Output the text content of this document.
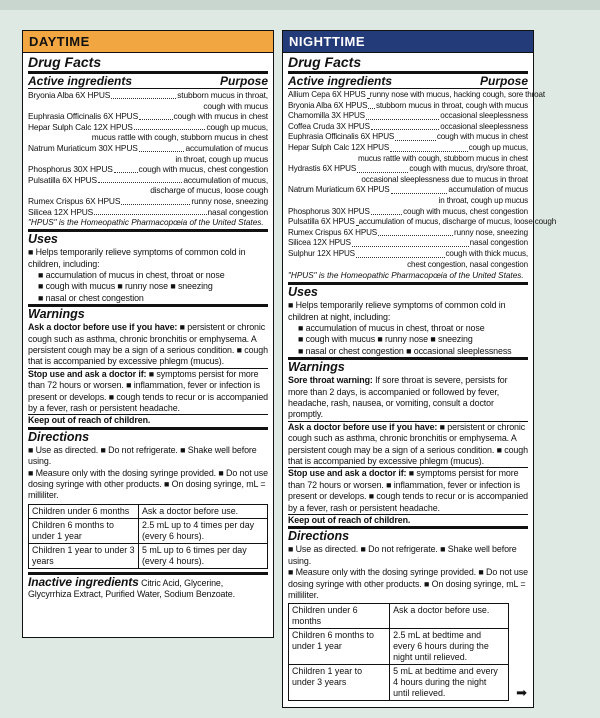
DAYTIME
Drug Facts
Active ingredients	Purpose
Bryonia Alba 6X HPUS	stubborn mucus in throat,
cough with mucus
Euphrasia Officinalis 6X HPUS	cough with mucus in chest
Hepar Sulph Calc 12X HPUS	cough up mucus,
mucus rattle with cough, stubborn mucus in chest
Natrum Muriaticum 30X HPUS	accumulation of mucus
in throat, cough up mucus
Phosphorus 30X HPUS	cough with mucus, chest congestion
Pulsatilla 6X HPUS	accumulation of mucus,
discharge of mucus, loose cough
Rumex Crispus 6X HPUS	runny nose, sneezing
Silicea 12X HPUS	nasal congestion
"HPUS" is the Homeopathic Pharmacopœia of the United States.
Uses

■ Helps temporarily relieve symptoms of common cold in children, including:

■ accumulation of mucus in chest, throat or nose

■ cough with mucus ■ runny nose ■ sneezing

■ nasal or chest congestion

Warnings

Ask a doctor before use if you have: ■ persistent or chronic cough such as asthma, chronic bronchitis or emphysema. A persistent cough may be a sign of a serious condition. ■ cough that is accompanied by excessive phlegm (mucus).

Stop use and ask a doctor if: ■ symptoms persist for more than 72 hours or worsen. ■ inflammation, fever or infection is present or develops. ■ cough tends to recur or is accompanied by a fever, rash or persistent headache.

Keep out of reach of children.

Directions

■ Use as directed. ■ Do not refrigerate. ■ Shake well before using.

■ Measure only with the dosing syringe provided. ■ Do not use dosing syringe with other products. ■ On dosing syringe, mL = milliliter.

Children under 6 months	Ask a doctor before use.
Children 6 months to under 1 year	2.5 mL up to 4 times per day (every 6 hours).
Children 1 year to under 3 years	5 mL up to 6 times per day (every 4 hours).

Inactive ingredients Citric Acid, Glycerine, Glycyrrhiza Extract, Purified Water, Sodium Benzoate.

NIGHTTIME
Drug Facts
Active ingredients	Purpose
Allium Cepa 6X HPUS runny nose with mucus, hacking cough, sore throat
Bryonia Alba 6X HPUS stubborn mucus in throat, cough with mucus
Chamomilla 3X HPUS	occasional sleeplessness
Coffea Cruda 3X HPUS	occasional sleeplessness
Euphrasia Officinalis 6X HPUS	cough with mucus in chest
Hepar Sulph Calc 12X HPUS	cough up mucus,
mucus rattle with cough, stubborn mucus in chest
Hydrastis 6X HPUS	cough with mucus, dry/sore throat,
occasional sleeplessness due to mucus in throat
Natrum Muriaticum 6X HPUS	accumulation of mucus
in throat, cough up mucus
Phosphorus 30X HPUS	cough with mucus, chest congestion
Pulsatilla 6X HPUS accumulation of mucus, discharge of mucus, loose cough
Rumex Crispus 6X HPUS	runny nose, sneezing
Silicea 12X HPUS	nasal congestion
Sulphur 12X HPUS	cough with thick mucus,
chest congestion, nasal congestion
"HPUS" is the Homeopathic Pharmacopœia of the United States.
Uses

■ Helps temporarily relieve symptoms of common cold in children at night, including:

■ accumulation of mucus in chest, throat or nose

■ cough with mucus ■ runny nose ■ sneezing

■ nasal or chest congestion ■ occasional sleeplessness

Warnings

Sore throat warning: If sore throat is severe, persists for more than 2 days, is accompanied or followed by fever, headache, rash, nausea, or vomiting, consult a doctor promptly.

Ask a doctor before use if you have: ■ persistent or chronic cough such as asthma, chronic bronchitis or emphysema. A persistent cough may be a sign of a serious condition. ■ cough that is accompanied by excessive phlegm (mucus).

Stop use and ask a doctor if: ■ symptoms persist for more than 72 hours or worsen. ■ inflammation, fever or infection is present or develops. ■ cough tends to recur or is accompanied by a fever, rash or persistent headache.

Keep out of reach of children.

Directions

■ Use as directed. ■ Do not refrigerate. ■ Shake well before using.

■ Measure only with the dosing syringe provided. ■ Do not use dosing syringe with other products. ■ On dosing syringe, mL = milliliter.

Children under 6 months	Ask a doctor before use.
Children 6 months to under 1 year	2.5 mL at bedtime and every 6 hours during the night until relieved.
Children 1 year to under 3 years	5 mL at bedtime and every 4 hours during the night until relieved.	➡
